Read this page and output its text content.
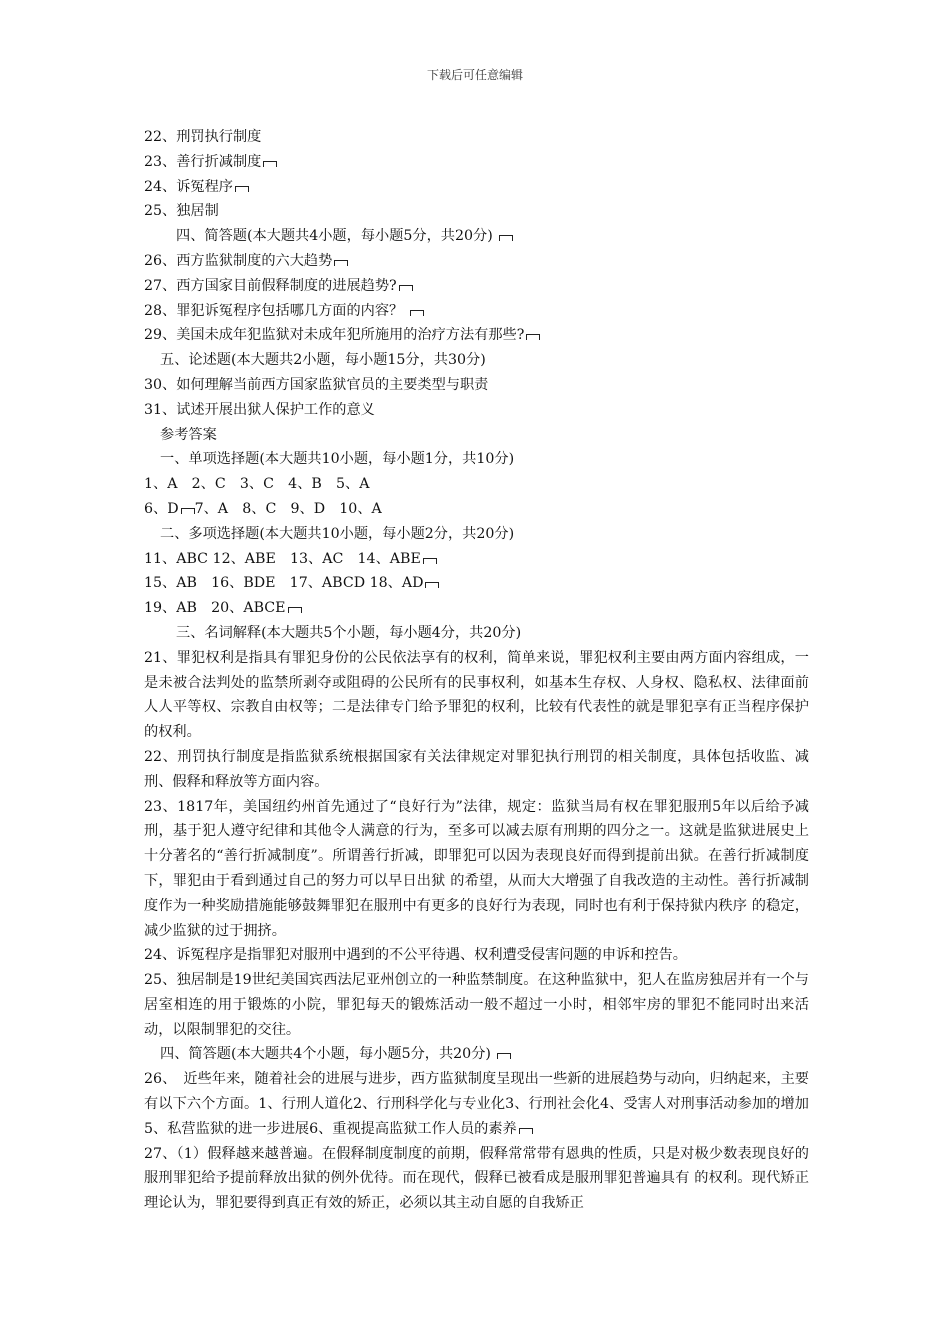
下载后可任意编辑
22、刑罚执行制度
23、善行折减制度
24、诉冤程序
25、独居制
四、简答题(本大题共4小题，每小题5分，共20分)
26、西方监狱制度的六大趋势
27、西方国家目前假释制度的进展趋势?
28、罪犯诉冤程序包括哪几方面的内容？
29、美国未成年犯监狱对未成年犯所施用的治疗方法有那些?
五、论述题(本大题共2小题，每小题15分，共30分)
30、如何理解当前西方国家监狱官员的主要类型与职责
31、试述开展出狱人保护工作的意义
参考答案
一、单项选择题(本大题共10小题，每小题1分，共10分)
1、A　2、C　3、C　4、B　5、A
6、D 7、A　8、C　9、D　10、A
二、多项选择题(本大题共10小题，每小题2分，共20分)
11、ABC 12、ABE　13、AC　14、ABE
15、AB　16、BDE　17、ABCD 18、AD
19、AB　20、ABCE
三、名词解释(本大题共5个小题，每小题4分，共20分)
21、罪犯权利是指具有罪犯身份的公民依法享有的权利，简单来说，罪犯权利主要由两方面内容组成，一是未被合法判处的监禁所剥夺或阻碍的公民所有的民事权利，如基本生存权、人身权、隐私权、法律面前人人平等权、宗教自由权等；二是法律专门给予罪犯的权利，比较有代表性的就是罪犯享有正当程序保护的权利。
22、刑罚执行制度是指监狱系统根据国家有关法律规定对罪犯执行刑罚的相关制度，具体包括收监、减刑、假释和释放等方面内容。
23、1817年，美国纽约州首先通过了“良好行为”法律，规定：监狱当局有权在罪犯服刑5年以后给予减刑，基于犯人遵守纪律和其他令人满意的行为，至多可以减去原有刑期的四分之一。这就是监狱进展史上十分著名的“善行折减制度”。所谓善行折减，即罪犯可以因为表现良好而得到提前出狱。在善行折减制度下，罪犯由于看到通过自己的努力可以早日出狱 的希望，从而大大增强了自我改造的主动性。善行折减制度作为一种奖励措施能够鼓舞罪犯在服刑中有更多的良好行为表现，同时也有利于保持狱内秩序 的稳定，减少监狱的过于拥挤。
24、诉冤程序是指罪犯对服刑中遇到的不公平待遇、权利遭受侵害问题的申诉和控告。
25、独居制是19世纪美国宾西法尼亚州创立的一种监禁制度。在这种监狱中，犯人在监房独居并有一个与居室相连的用于锻炼的小院，罪犯每天的锻炼活动一般不超过一小时，相邻牢房的罪犯不能同时出来活动，以限制罪犯的交往。
四、简答题(本大题共4个小题，每小题5分，共20分)
26、　近些年来，随着社会的进展与进步，西方监狱制度呈现出一些新的进展趋势与动向，归纳起来，主要有以下六个方面。1、行刑人道化2、行刑科学化与专业化3、行刑社会化4、受害人对刑事活动参加的增加5、私营监狱的进一步进展6、重视提高监狱工作人员的素养
27、（1）假释越来越普遍。在假释制度制度的前期，假释常常带有恩典的性质，只是对极少数表现良好的服刑罪犯给予提前释放出狱的例外优待。而在现代，假释已被看成是服刑罪犯普遍具有 的权利。现代矫正理论认为，罪犯要得到真正有效的矫正，必须以其主动自愿的自我矫正
